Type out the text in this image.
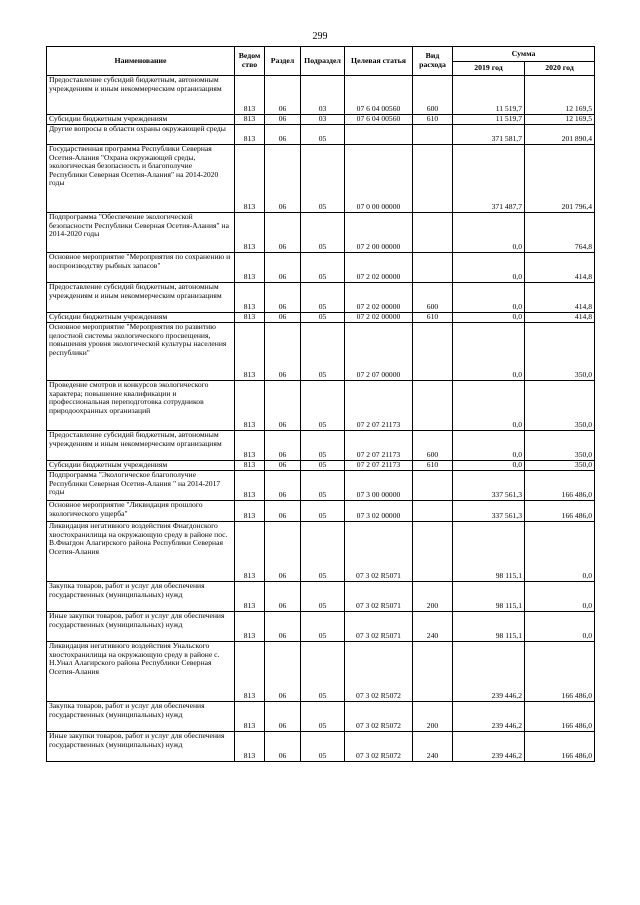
299
Наименование	Ведом ство	Раздел	Подраздел	Целевая статья	Вид расхода	Сумма	
						2019 год	2020 год
Предоставление субсидий бюджетным, автономным учреждениям и иным некоммерческим организациям	813	06	03	07 6 04 00560	600	11 519,7	12 169,5
Субсидии бюджетным учреждениям	813	06	03	07 6 04 00560	610	11 519,7	12 169,5
Другие вопросы в области охраны окружающей среды	813	06	05			371 581,7	201 890,4
Государственная программа Республики Северная Осетия-Алания "Охрана окружающей среды, экологическая безопасность и благополучие Республики Северная Осетия-Алания" на 2014-2020 годы	813	06	05	07 0 00 00000		371 487,7	201 796,4
Подпрограмма "Обеспечение экологической безопасности Республики Северная Осетия-Алания" на 2014-2020 годы	813	06	05	07 2 00 00000		0,0	764,8
Основное мероприятие "Мероприятия по сохранению и воспроизводству рыбных запасов"	813	06	05	07 2 02 00000		0,0	414,8
Предоставление субсидий бюджетным, автономным учреждениям и иным некоммерческим организациям	813	06	05	07 2 02 00000	600	0,0	414,8
Субсидии бюджетным учреждениям	813	06	05	07 2 02 00000	610	0,0	414,8
Основное мероприятие "Мероприятия по развитию целостной системы экологического просвещения, повышения уровня экологической культуры населения республики"	813	06	05	07 2 07 00000		0,0	350,0
Проведение смотров и конкурсов экологического характера; повышение квалификации и профессиональная переподготовка сотрудников природоохранных организаций	813	06	05	07 2 07 21173		0,0	350,0
Предоставление субсидий бюджетным, автономным учреждениям и иным некоммерческим организациям	813	06	05	07 2 07 21173	600	0,0	350,0
Субсидии бюджетным учреждениям	813	06	05	07 2 07 21173	610	0,0	350,0
Подпрограмма "Экологическое благополучие Республики Северная Осетия-Алания " на 2014-2017 годы	813	06	05	07 3 00 00000		337 561,3	166 486,0
Основное мероприятие "Ликвидация прошлого экологического ущерба"	813	06	05	07 3 02 00000		337 561,3	166 486,0
Ликвидация негативного воздействия Фиагдонского хвостохранилища на окружающую среду в районе пос. В.Фиагдон Алагирского района Республики Северная Осетия-Алания	813	06	05	07 3 02 R5071		98 115,1	0,0
Закупка товаров, работ и услуг для обеспечения государственных (муниципальных) нужд	813	06	05	07 3 02 R5071	200	98 115,1	0,0
Иные закупки товаров, работ и услуг для обеспечения государственных (муниципальных) нужд	813	06	05	07 3 02 R5071	240	98 115,1	0,0
Ликвидация негативного воздействия Унальского хвостохранилища на окружающую среду в районе с. Н.Унал Алагирского района Республики Северная Осетия-Алания	813	06	05	07 3 02 R5072		239 446,2	166 486,0
Закупка товаров, работ и услуг для обеспечения государственных (муниципальных) нужд	813	06	05	07 3 02 R5072	200	239 446,2	166 486,0
Иные закупки товаров, работ и услуг для обеспечения государственных (муниципальных) нужд	813	06	05	07 3 02 R5072	240	239 446,2	166 486,0
